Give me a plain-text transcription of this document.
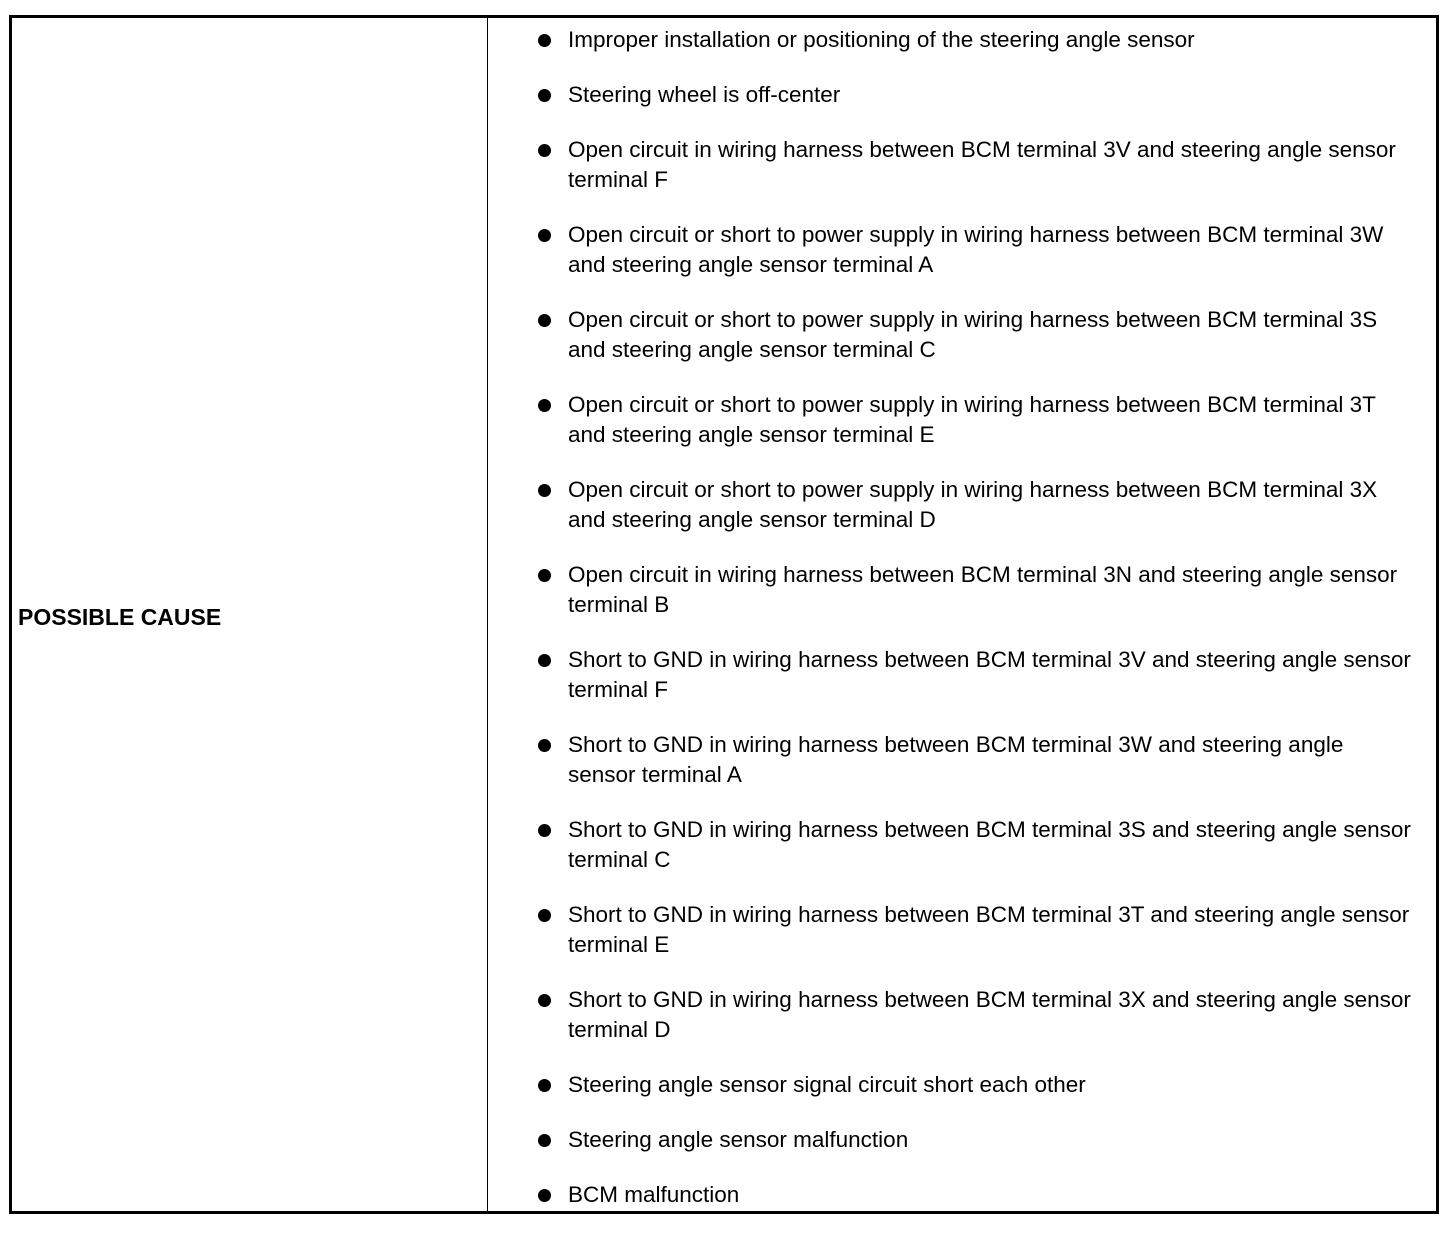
POSSIBLE CAUSE
Improper installation or positioning of the steering angle sensor
Steering wheel is off-center
Open circuit in wiring harness between BCM terminal 3V and steering angle sensor terminal F
Open circuit or short to power supply in wiring harness between BCM terminal 3W and steering angle sensor terminal A
Open circuit or short to power supply in wiring harness between BCM terminal 3S and steering angle sensor terminal C
Open circuit or short to power supply in wiring harness between BCM terminal 3T and steering angle sensor terminal E
Open circuit or short to power supply in wiring harness between BCM terminal 3X and steering angle sensor terminal D
Open circuit in wiring harness between BCM terminal 3N and steering angle sensor terminal B
Short to GND in wiring harness between BCM terminal 3V and steering angle sensor terminal F
Short to GND in wiring harness between BCM terminal 3W and steering angle sensor terminal A
Short to GND in wiring harness between BCM terminal 3S and steering angle sensor terminal C
Short to GND in wiring harness between BCM terminal 3T and steering angle sensor terminal E
Short to GND in wiring harness between BCM terminal 3X and steering angle sensor terminal D
Steering angle sensor signal circuit short each other
Steering angle sensor malfunction
BCM malfunction
